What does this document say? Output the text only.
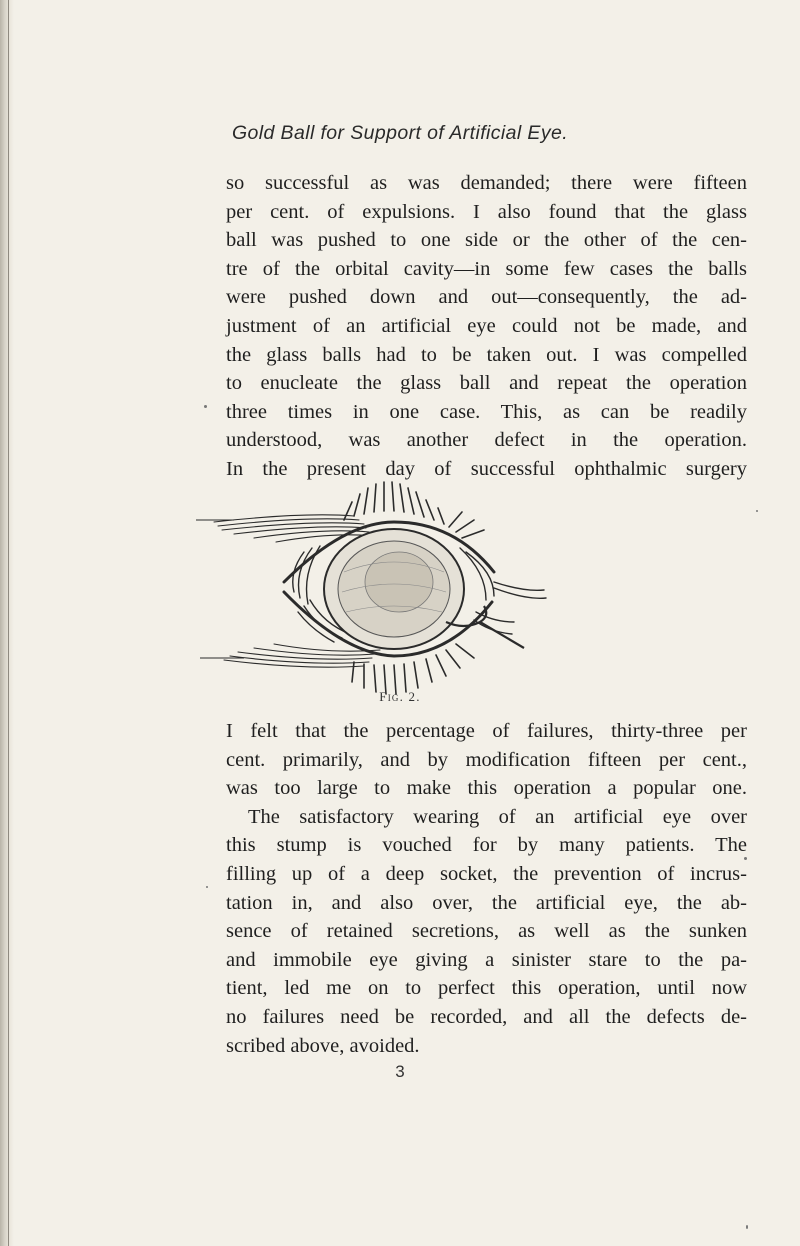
Gold Ball for Support of Artificial Eye.

so successful as was demanded; there were fifteen
per cent. of expulsions. I also found that the glass
ball was pushed to one side or the other of the cen-
tre of the orbital cavity—in some few cases the balls
were pushed down and out—consequently, the ad-
justment of an artificial eye could not be made, and
the glass balls had to be taken out. I was compelled
to enucleate the glass ball and repeat the operation
three times in one case. This, as can be readily
understood, was another defect in the operation.
In the present day of successful ophthalmic surgery

Fig. 2.

I felt that the percentage of failures, thirty-three per
cent. primarily, and by modification fifteen per cent.,
was too large to make this operation a popular one.
The satisfactory wearing of an artificial eye over
this stump is vouched for by many patients. The
filling up of a deep socket, the prevention of incrus-
tation in, and also over, the artificial eye, the ab-
sence of retained secretions, as well as the sunken
and immobile eye giving a sinister stare to the pa-
tient, led me on to perfect this operation, until now
no failures need be recorded, and all the defects de-
scribed above, avoided.

3
